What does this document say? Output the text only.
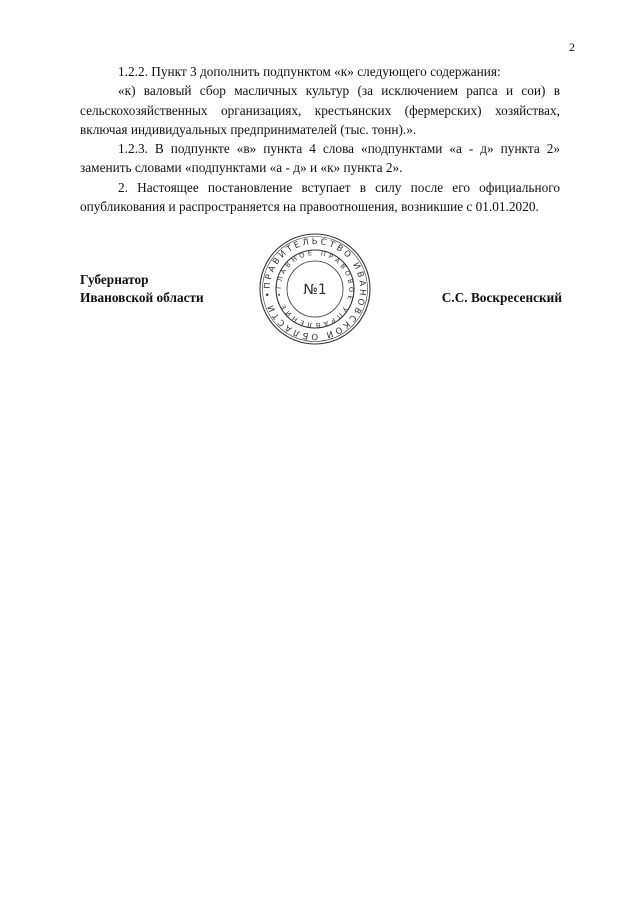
2

1.2.2. Пункт 3 дополнить подпунктом «к» следующего содержания:

«к) валовый сбор масличных культур (за исключением рапса и сои) в сельскохозяйственных организациях, крестьянских (фермерских) хозяйствах, включая индивидуальных предпринимателей (тыс. тонн).».

1.2.3. В подпункте «в» пункта 4 слова «подпунктами «а - д» пункта 2» заменить словами «подпунктами «а - д» и «к» пункта 2».

2. Настоящее постановление вступает в силу после его официального опубликования и распространяется на правоотношения, возникшие с 01.01.2020.

Губернатор
Ивановской области	С.С. Воскресенский
ПРАВИТЕЛЬСТВО ИВАНОВСКОЙ ОБЛАСТИ •
ГЛАВНОЕ ПРАВОВОЕ УПРАВЛЕНИЕ •	№1
